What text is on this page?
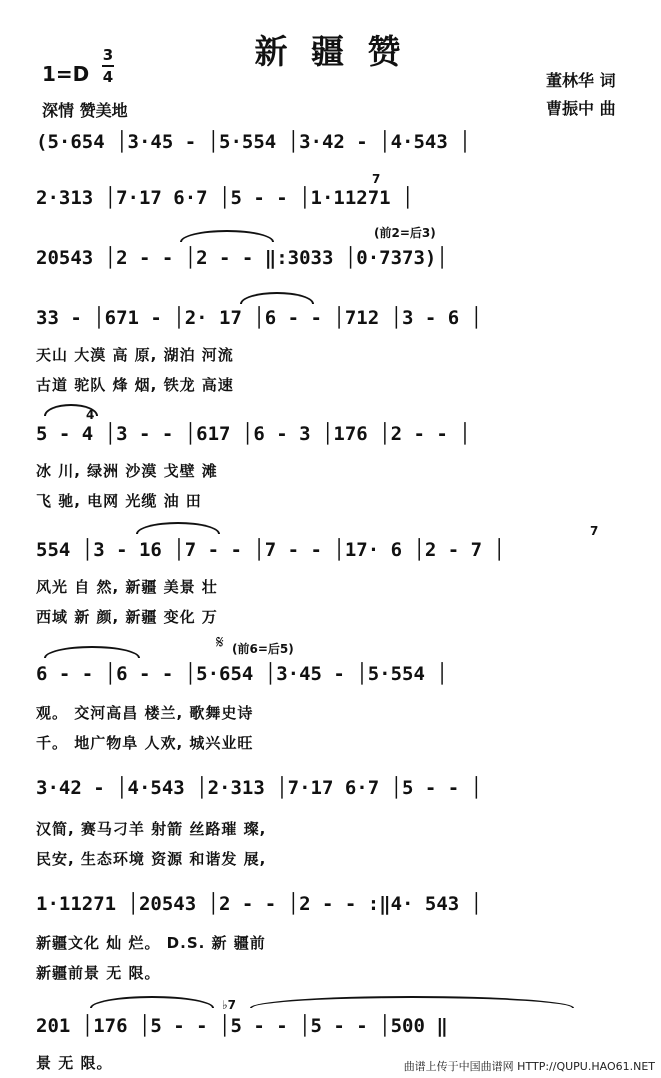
新 疆 赞
1=D
3
4
深情 赞美地
董林华 词
曹振中 曲
(5·654 │3·45 - │5·554 │3·42 - │4·543 │
2·313 │7·17 6·7 │5 - - │1·11271 │
7
(前2=后3)
20543 │2 - - │2 - - ‖:3033 │0·7373)│
33 - │671 - │2· 17 │6 - - │712 │3 - 6 │
天山 大漠 高 原, 湖泊 河流
古道 驼队 烽 烟, 铁龙 高速
5 - 4 │3 - - │617 │6 - 3 │176 │2 - - │
4
冰 川, 绿洲 沙漠 戈壁 滩
飞 驰, 电网 光缆 油 田
554 │3 - 16 │7 - - │7 - - │17· 6 │2 - 7 │
7
风光 自 然, 新疆 美景 壮
西域 新 颜, 新疆 变化 万
𝄋 (前6=后5)
6 - - │6 - - │5·654 │3·45 - │5·554 │
观。 交河高昌 楼兰, 歌舞史诗
千。 地广物阜 人欢, 城兴业旺
3·42 - │4·543 │2·313 │7·17 6·7 │5 - - │
汉简, 赛马刁羊 射箭 丝路璀 璨,
民安, 生态环境 资源 和谐发 展,
1·11271 │20543 │2 - - │2 - - :‖4· 543 │
新疆文化 灿 烂。 D.S. 新 疆前
新疆前景 无 限。
♭7
201 │176 │5 - - │5 - - │5 - - │500 ‖
景 无 限。	曲谱上传于中国曲谱网 HTTP://QUPU.HAO61.NET
